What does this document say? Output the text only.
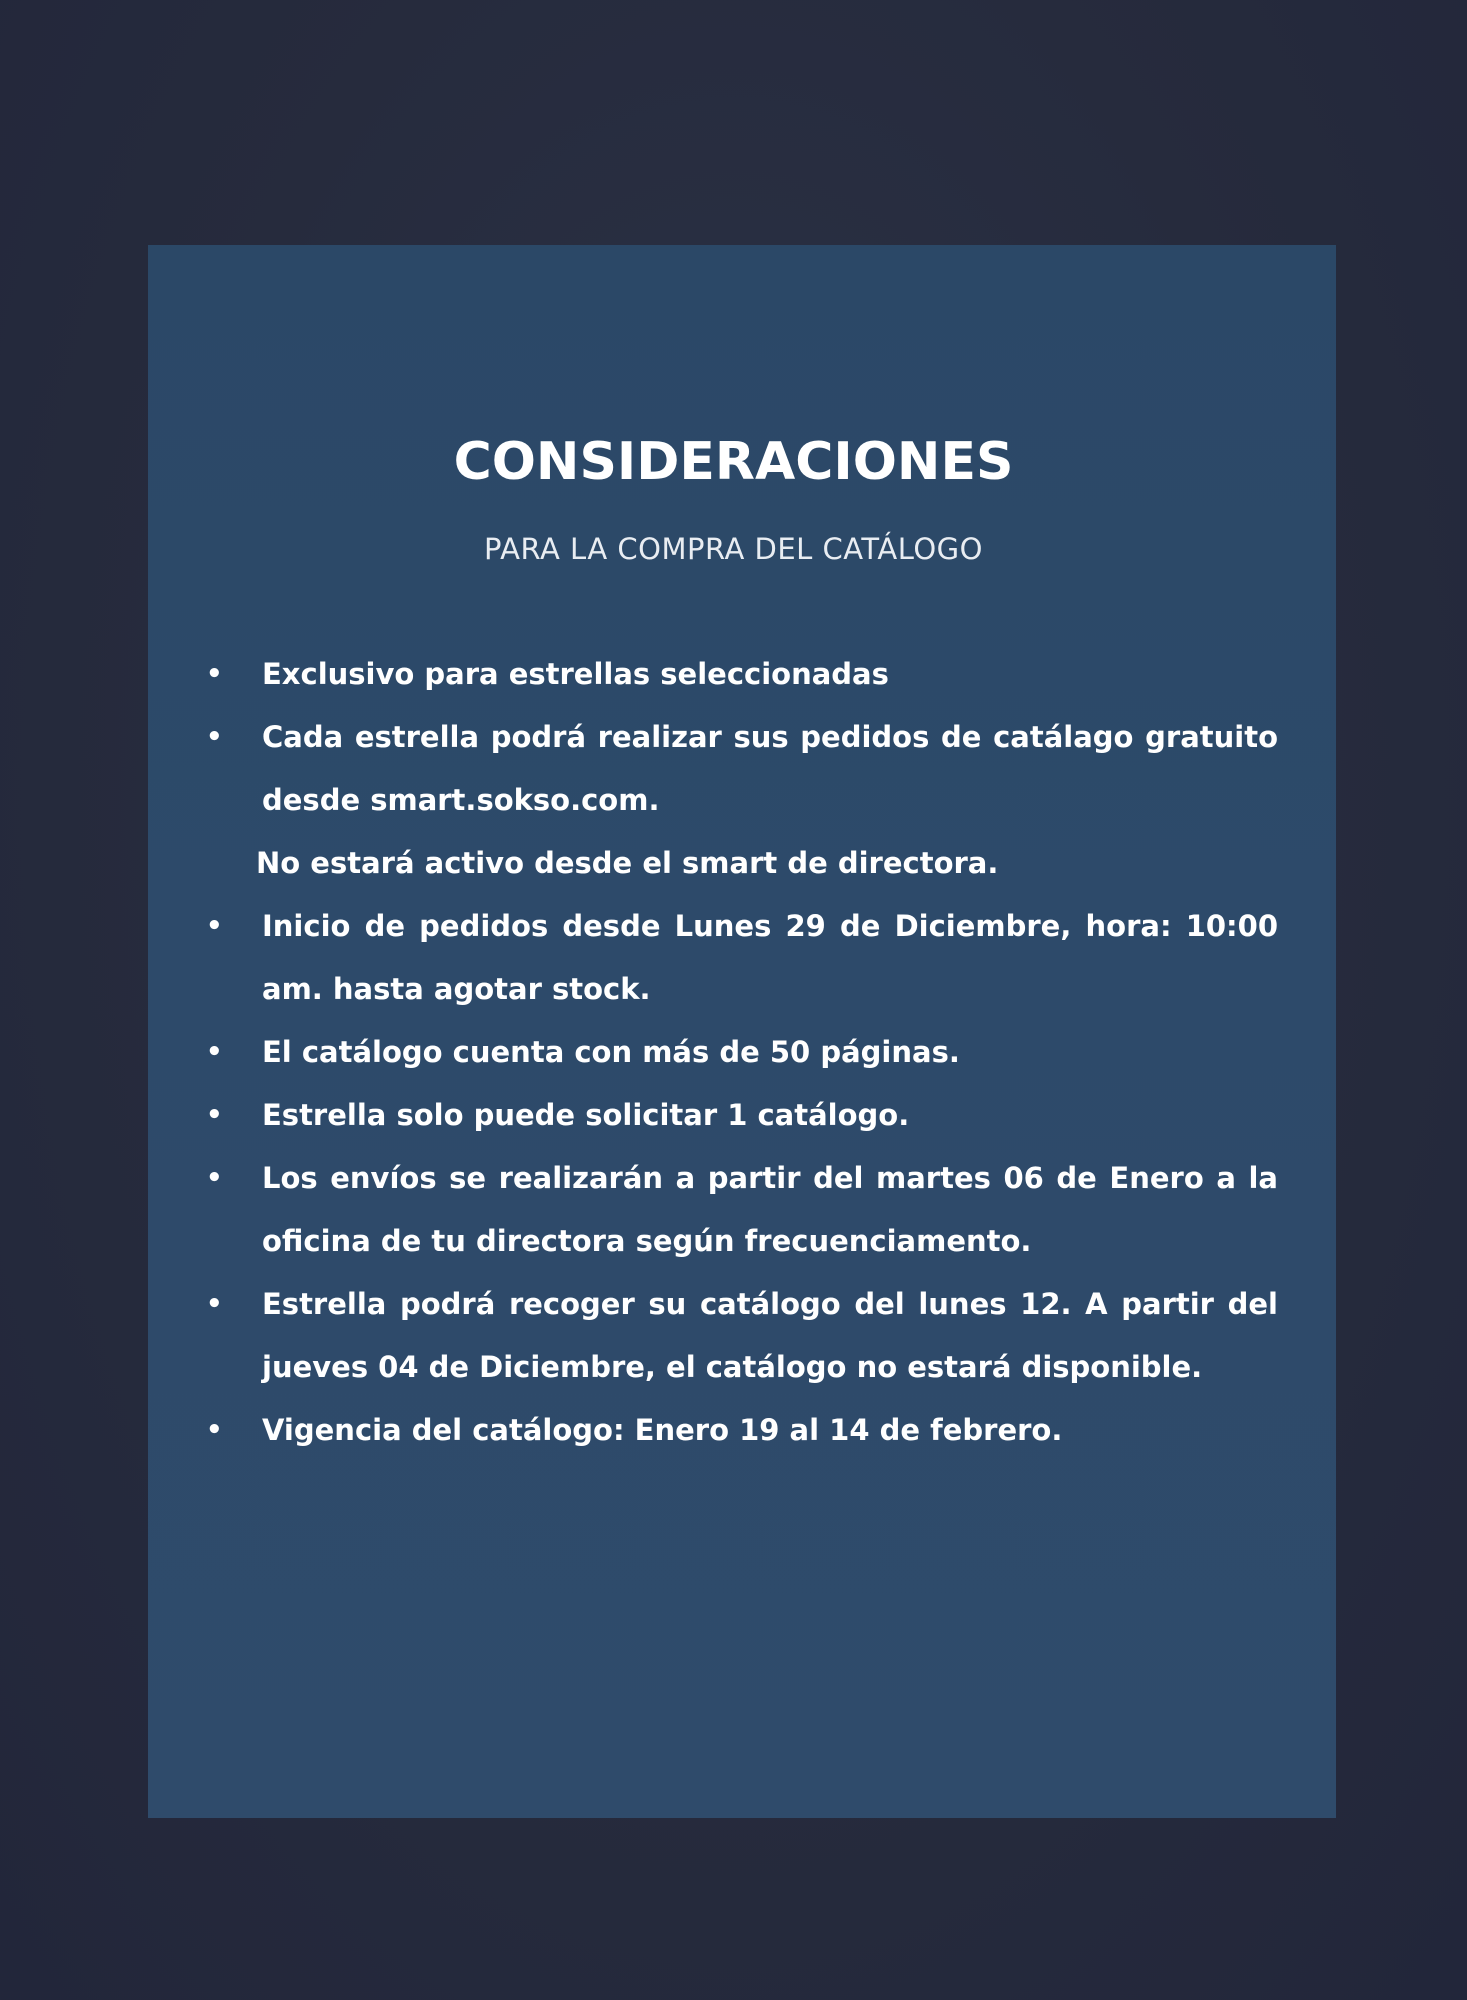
CONSIDERACIONES
PARA LA COMPRA DEL CATÁLOGO
• Exclusivo para estrellas seleccionadas
• Cada estrella podrá realizar sus pedidos de catálago gratuito desde smart.sokso.com.
No estará activo desde el smart de directora.
• Inicio de pedidos desde Lunes 29 de Diciembre, hora: 10:00 am. hasta agotar stock.
• El catálogo cuenta con más de 50 páginas.
• Estrella solo puede solicitar 1 catálogo.
• Los envíos se realizarán a partir del martes 06 de Enero a la oficina de tu directora según frecuenciamento.
• Estrella podrá recoger su catálogo del lunes 12. A partir del jueves 04 de Diciembre, el catálogo no estará disponible.
• Vigencia del catálogo: Enero 19 al 14 de febrero.
